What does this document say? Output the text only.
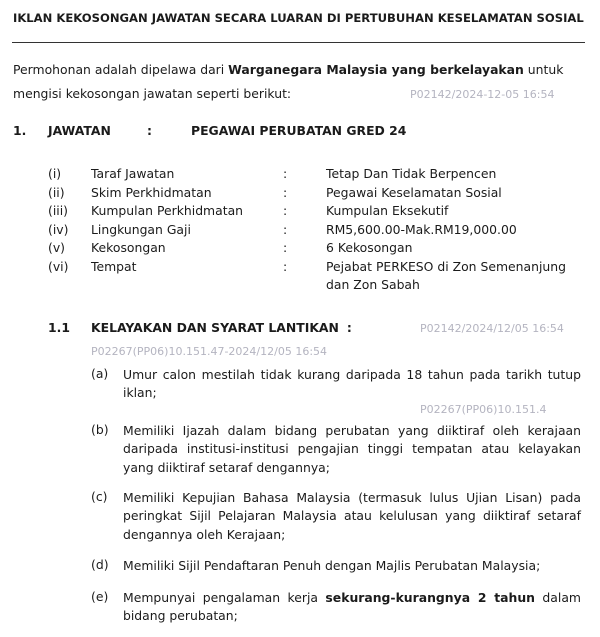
IKLAN KEKOSONGAN JAWATAN SECARA LUARAN DI PERTUBUHAN KESELAMATAN SOSIAL
Permohonan adalah dipelawa dari Warganegara Malaysia yang berkelayakan untuk
mengisi kekosongan jawatan seperti berikut:
1. JAWATAN	:	PEGAWAI PERUBATAN GRED 24
(i) Taraf Jawatan	:	Tetap Dan Tidak Berpencen
(ii) Skim Perkhidmatan	:	Pegawai Keselamatan Sosial
(iii) Kumpulan Perkhidmatan	:	Kumpulan Eksekutif
(iv) Lingkungan Gaji	:	RM5,600.00-Mak.RM19,000.00
(v) Kekosongan	:	6 Kekosongan
(vi) Tempat	:	Pejabat PERKESO di Zon Semenanjung
dan Zon Sabah
1.1 KELAYAKAN DAN SYARAT LANTIKAN :
(a) Umur calon mestilah tidak kurang daripada 18 tahun pada tarikh tutup iklan;
(b) Memiliki Ijazah dalam bidang perubatan yang diiktiraf oleh kerajaan daripada institusi-institusi pengajian tinggi tempatan atau kelayakan yang diiktiraf setaraf dengannya;
(c) Memiliki Kepujian Bahasa Malaysia (termasuk lulus Ujian Lisan) pada peringkat Sijil Pelajaran Malaysia atau kelulusan yang diiktiraf setaraf dengannya oleh Kerajaan;
(d) Memiliki Sijil Pendaftaran Penuh dengan Majlis Perubatan Malaysia;
(e) Mempunyai pengalaman kerja sekurang-kurangnya 2 tahun dalam bidang perubatan;
P02142/2024-12-05 16:54
P02142/2024/12/05 16:54
P02267(PP06)10.151.47-2024/12/05 16:54
P02267(PP06)10.151.4
